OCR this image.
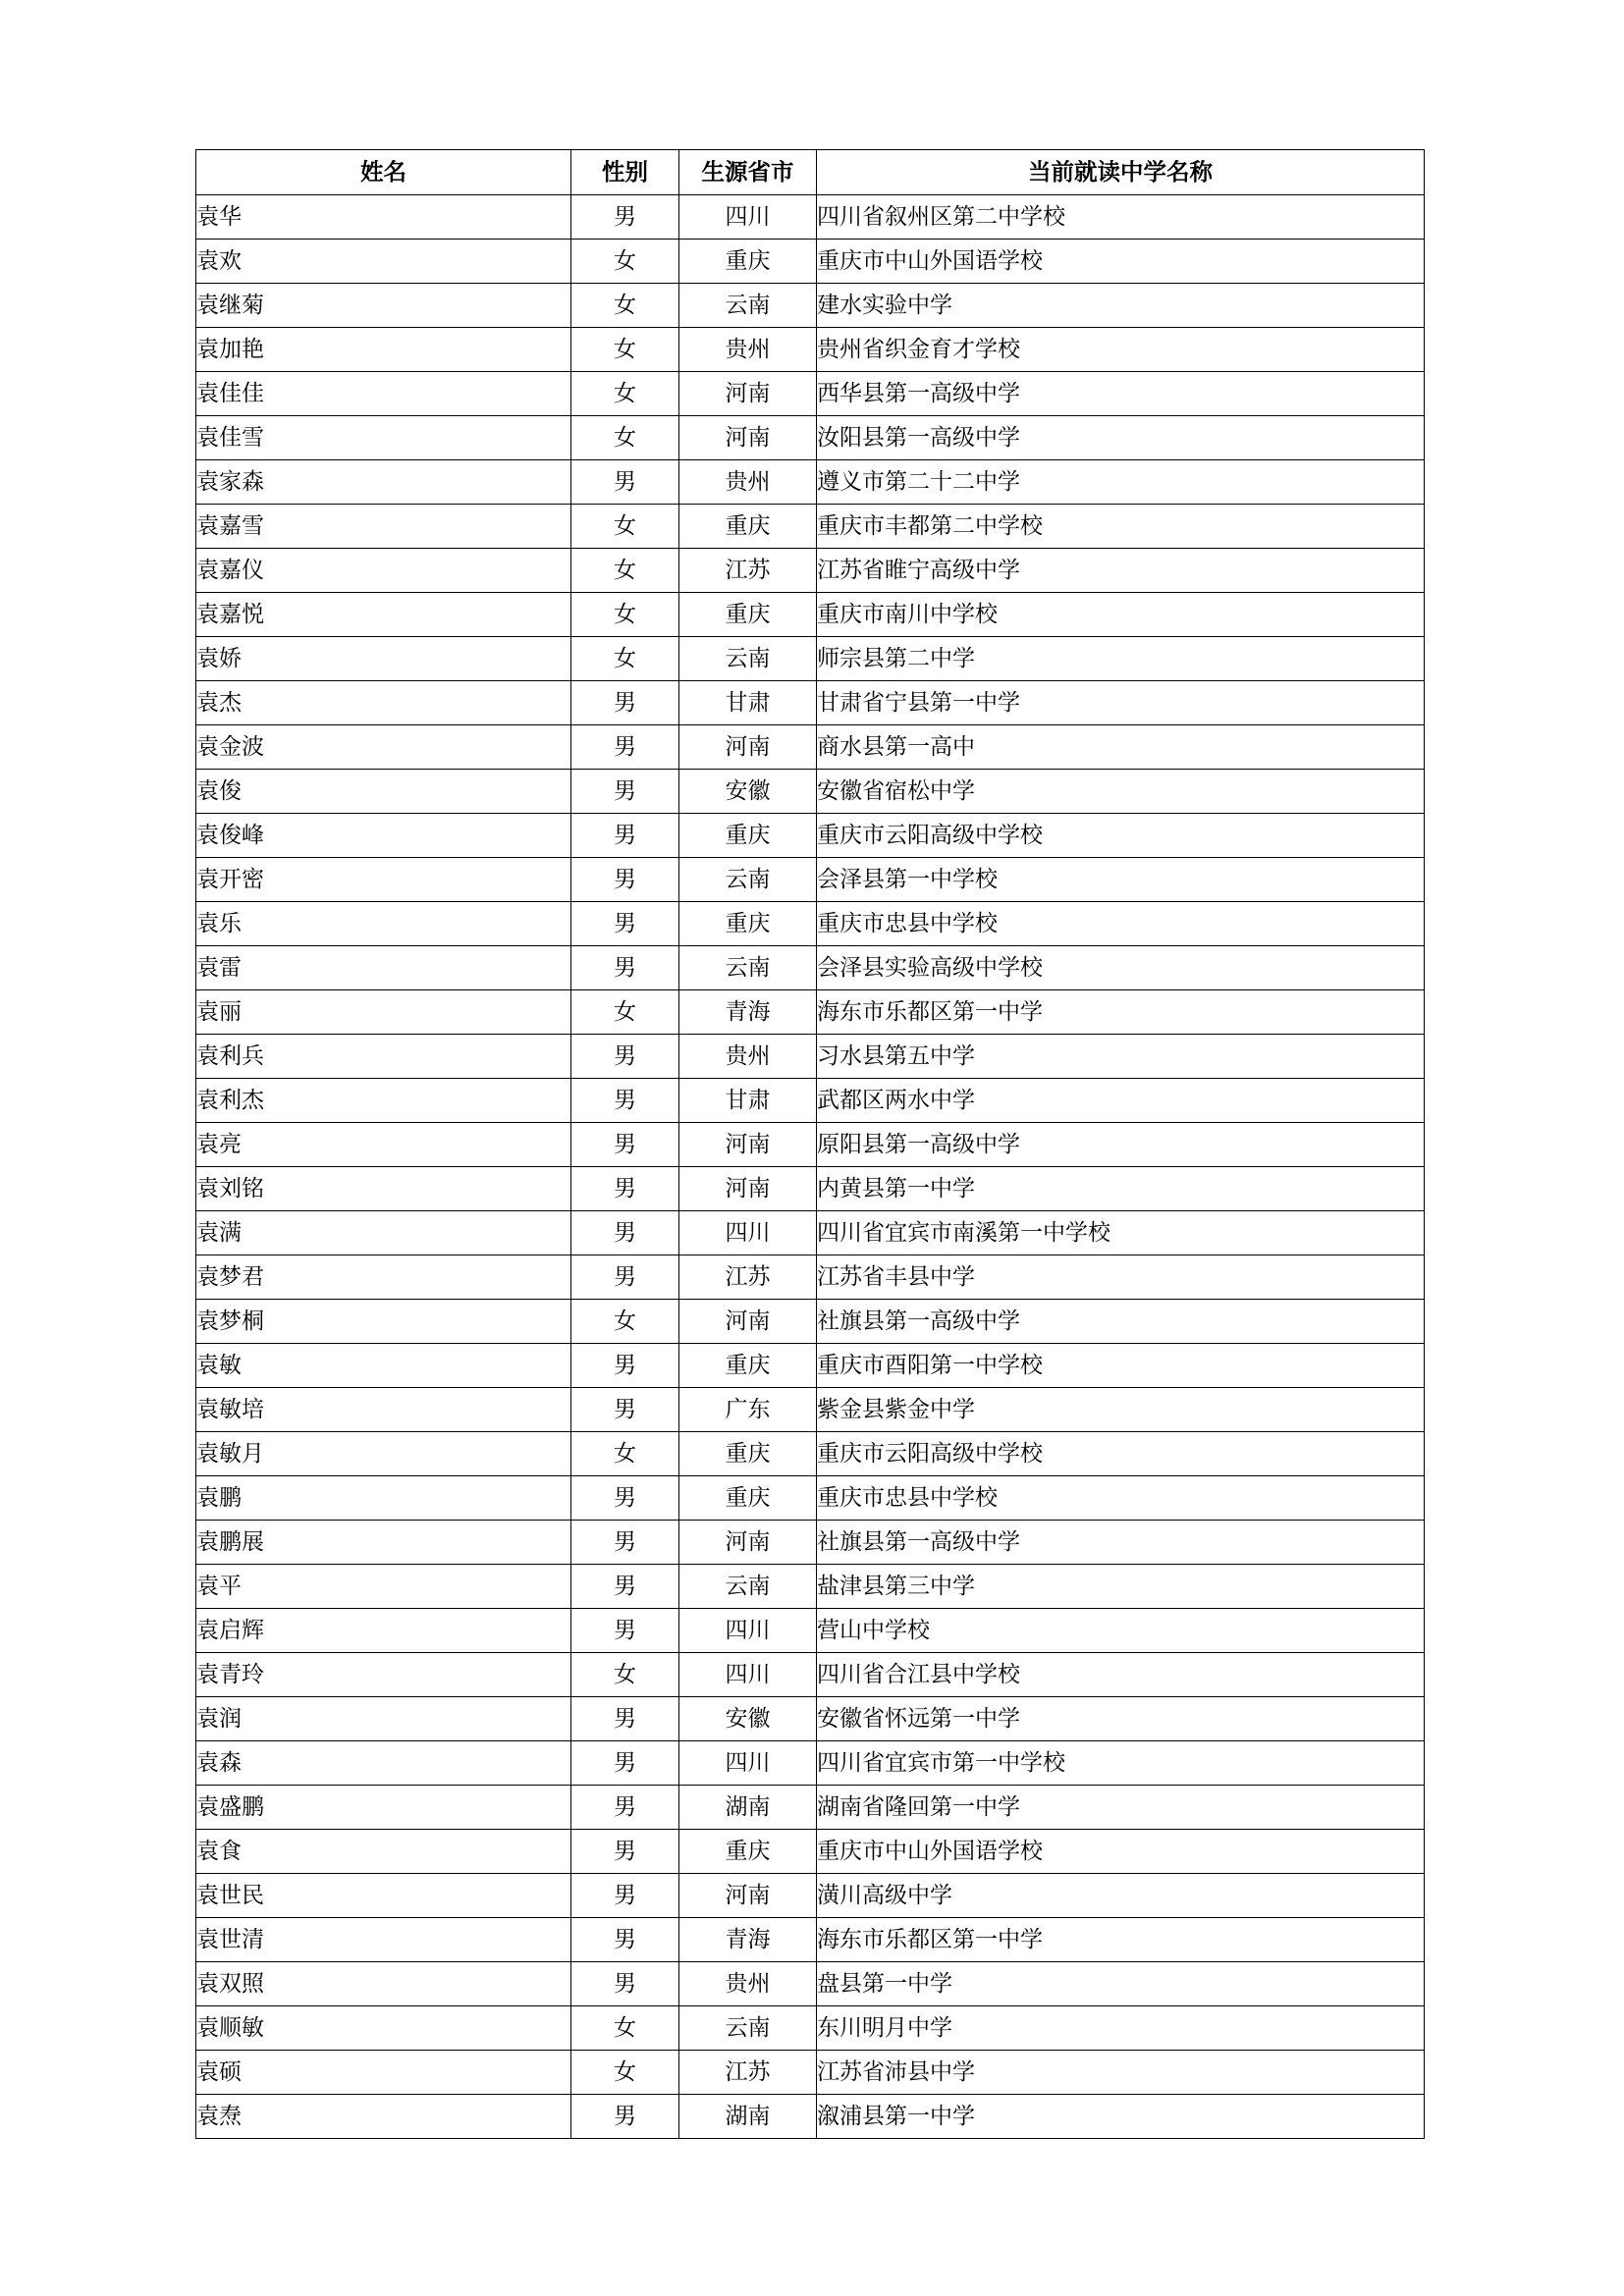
姓名	性别	生源省市	当前就读中学名称
袁华	男	四川	四川省叙州区第二中学校
袁欢	女	重庆	重庆市中山外国语学校
袁继菊	女	云南	建水实验中学
袁加艳	女	贵州	贵州省织金育才学校
袁佳佳	女	河南	西华县第一高级中学
袁佳雪	女	河南	汝阳县第一高级中学
袁家森	男	贵州	遵义市第二十二中学
袁嘉雪	女	重庆	重庆市丰都第二中学校
袁嘉仪	女	江苏	江苏省睢宁高级中学
袁嘉悦	女	重庆	重庆市南川中学校
袁娇	女	云南	师宗县第二中学
袁杰	男	甘肃	甘肃省宁县第一中学
袁金波	男	河南	商水县第一高中
袁俊	男	安徽	安徽省宿松中学
袁俊峰	男	重庆	重庆市云阳高级中学校
袁开密	男	云南	会泽县第一中学校
袁乐	男	重庆	重庆市忠县中学校
袁雷	男	云南	会泽县实验高级中学校
袁丽	女	青海	海东市乐都区第一中学
袁利兵	男	贵州	习水县第五中学
袁利杰	男	甘肃	武都区两水中学
袁亮	男	河南	原阳县第一高级中学
袁刘铭	男	河南	内黄县第一中学
袁满	男	四川	四川省宜宾市南溪第一中学校
袁梦君	男	江苏	江苏省丰县中学
袁梦桐	女	河南	社旗县第一高级中学
袁敏	男	重庆	重庆市酉阳第一中学校
袁敏培	男	广东	紫金县紫金中学
袁敏月	女	重庆	重庆市云阳高级中学校
袁鹏	男	重庆	重庆市忠县中学校
袁鹏展	男	河南	社旗县第一高级中学
袁平	男	云南	盐津县第三中学
袁启辉	男	四川	营山中学校
袁青玲	女	四川	四川省合江县中学校
袁润	男	安徽	安徽省怀远第一中学
袁森	男	四川	四川省宜宾市第一中学校
袁盛鹏	男	湖南	湖南省隆回第一中学
袁食	男	重庆	重庆市中山外国语学校
袁世民	男	河南	潢川高级中学
袁世清	男	青海	海东市乐都区第一中学
袁双照	男	贵州	盘县第一中学
袁顺敏	女	云南	东川明月中学
袁硕	女	江苏	江苏省沛县中学
袁焘	男	湖南	溆浦县第一中学
